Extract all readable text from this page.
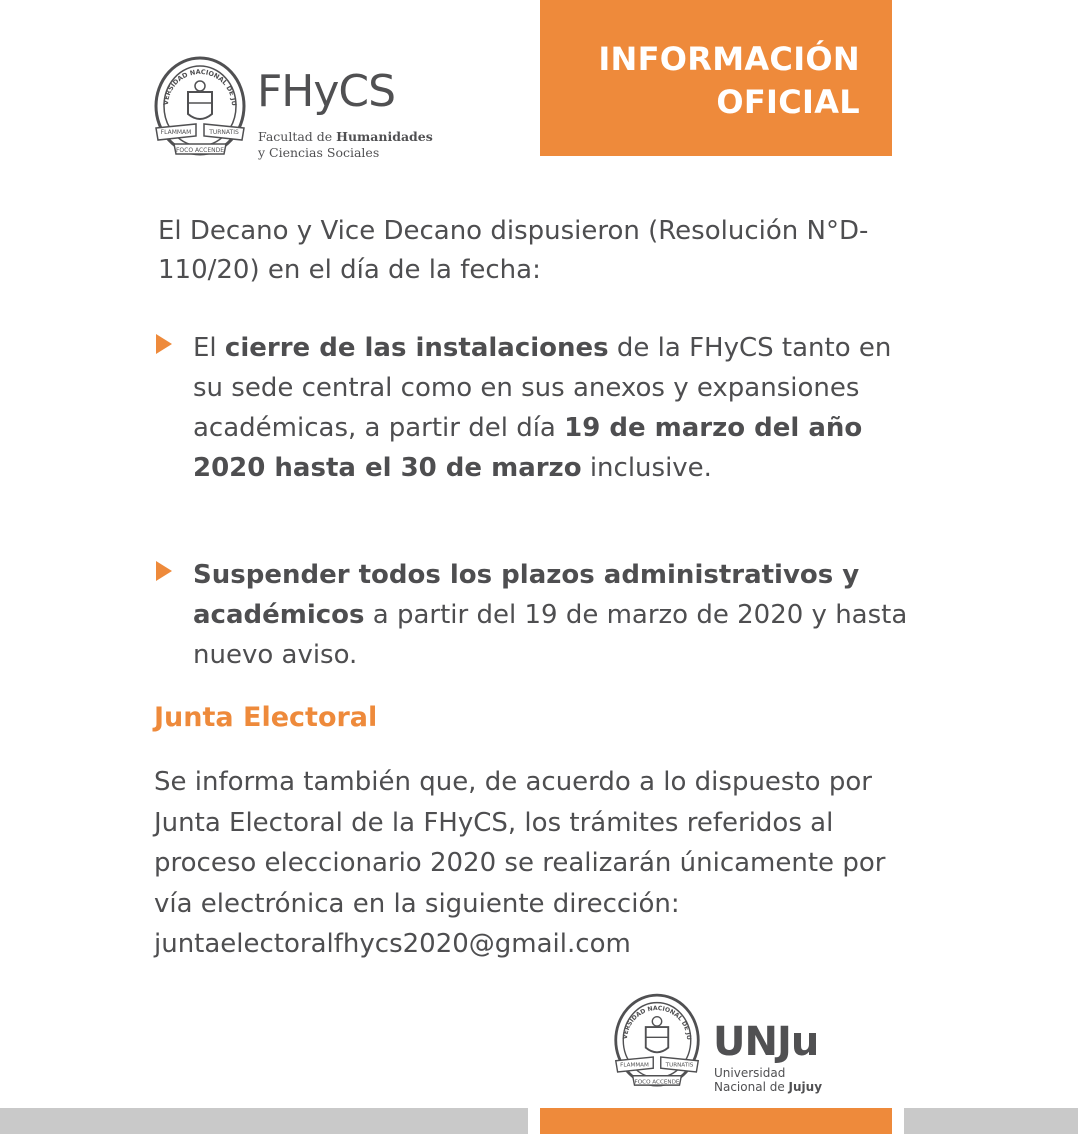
VERSIDAD NACIONAL DE JU
FLAMMAM	TURNATIS
FOCO ACCENDE
FHyCS
Facultad de Humanidades
y Ciencias Sociales
INFORMACIÓN
OFICIAL
El Decano y Vice Decano dispusieron (Resolución N°D-110/20) en el día de la fecha:
El cierre de las instalaciones de la FHyCS tanto en su sede central como en sus anexos y expansiones académicas, a partir del día 19 de marzo del año 2020 hasta el 30 de marzo inclusive.
Suspender todos los plazos administrativos y académicos a partir del 19 de marzo de 2020 y hasta nuevo aviso.
Junta Electoral
Se informa también que, de acuerdo a lo dispuesto por Junta Electoral de la FHyCS, los trámites referidos al proceso eleccionario 2020 se realizarán únicamente por vía electrónica en la siguiente dirección: juntaelectoralfhycs2020@gmail.com
VERSIDAD NACIONAL DE JU
FLAMMAM	TURNATIS
FOCO ACCENDE
UNJu
Universidad
Nacional de Jujuy
